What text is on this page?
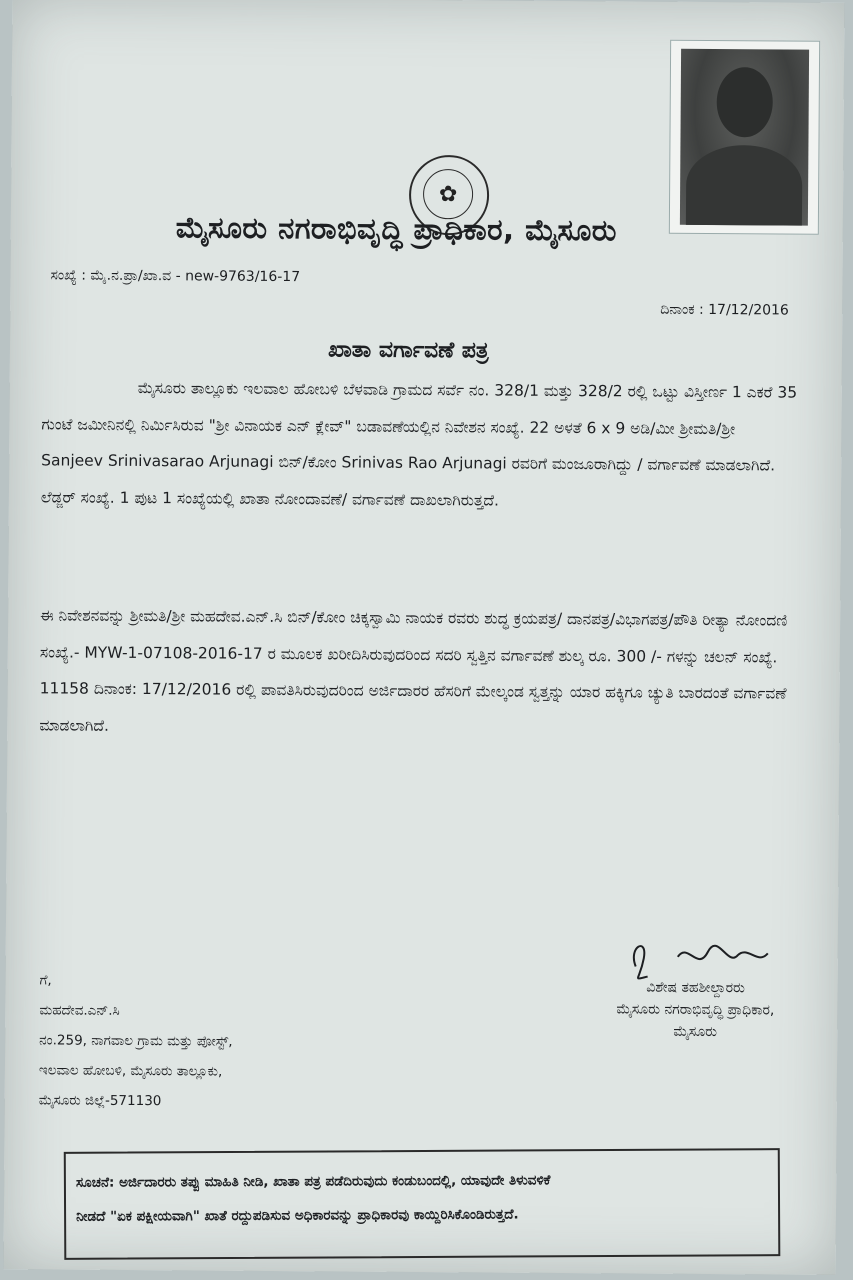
✿
ಮೈಸೂರು ನಗರಾಭಿವೃದ್ಧಿ ಪ್ರಾಧಿಕಾರ, ಮೈಸೂರು
ಸಂಖ್ಯೆ : ಮೈ.ನ.ಪ್ರಾ/ಖಾ.ವ - new-9763/16-17
ದಿನಾಂಕ : 17/12/2016
ಖಾತಾ ವರ್ಗಾವಣೆ ಪತ್ರ
ಮೈಸೂರು ತಾಲ್ಲೂಕು ಇಲವಾಲ ಹೋಬಳಿ ಬೆಳವಾಡಿ ಗ್ರಾಮದ ಸರ್ವೆ ನಂ. 328/1 ಮತ್ತು 328/2 ರಲ್ಲಿ ಒಟ್ಟು ವಿಸ್ತೀರ್ಣ 1 ಎಕರೆ 35 ಗುಂಟೆ ಜಮೀನಿನಲ್ಲಿ ನಿರ್ಮಿಸಿರುವ "ಶ್ರೀ ವಿನಾಯಕ ಎನ್ ಕ್ಲೇವ್" ಬಡಾವಣೆಯಲ್ಲಿನ ನಿವೇಶನ ಸಂಖ್ಯೆ. 22 ಅಳತೆ 6 x 9 ಅಡಿ/ಮೀ ಶ್ರೀಮತಿ/ಶ್ರೀ Sanjeev Srinivasarao Arjunagi ಬಿನ್/ಕೋಂ Srinivas Rao Arjunagi ರವರಿಗೆ ಮಂಜೂರಾಗಿದ್ದು / ವರ್ಗಾವಣೆ ಮಾಡಲಾಗಿದೆ. ಲೆಡ್ಜರ್ ಸಂಖ್ಯೆ. 1 ಪುಟ 1 ಸಂಖ್ಯೆಯಲ್ಲಿ ಖಾತಾ ನೋಂದಾವಣೆ/ ವರ್ಗಾವಣೆ ದಾಖಲಾಗಿರುತ್ತದೆ.
ಈ ನಿವೇಶನವನ್ನು ಶ್ರೀಮತಿ/ಶ್ರೀ ಮಹದೇವ.ಎನ್.ಸಿ ಬಿನ್/ಕೋಂ ಚಿಕ್ಕಸ್ವಾಮಿ ನಾಯಕ ರವರು ಶುದ್ಧ ಕ್ರಯಪತ್ರ/ ದಾನಪತ್ರ/ವಿಭಾಗಪತ್ರ/ಪೌತಿ ರೀತ್ಯಾ ನೋಂದಣಿ ಸಂಖ್ಯೆ.- MYW-1-07108-2016-17 ರ ಮೂಲಕ ಖರೀದಿಸಿರುವುದರಿಂದ ಸದರಿ ಸ್ವತ್ತಿನ ವರ್ಗಾವಣೆ ಶುಲ್ಕ ರೂ. 300 /- ಗಳನ್ನು ಚಲನ್ ಸಂಖ್ಯೆ. 11158 ದಿನಾಂಕ: 17/12/2016 ರಲ್ಲಿ ಪಾವತಿಸಿರುವುದರಿಂದ ಅರ್ಜಿದಾರರ ಹೆಸರಿಗೆ ಮೇಲ್ಕಂಡ ಸ್ವತ್ತನ್ನು ಯಾರ ಹಕ್ಕಿಗೂ ಚ್ಯುತಿ ಬಾರದಂತೆ ವರ್ಗಾವಣೆ ಮಾಡಲಾಗಿದೆ.
ವಿಶೇಷ ತಹಶೀಲ್ದಾರರು
ಮೈಸೂರು ನಗರಾಭಿವೃದ್ಧಿ ಪ್ರಾಧಿಕಾರ,
ಮೈಸೂರು
ಗೆ,
ಮಹದೇವ.ಎನ್.ಸಿ
ನಂ.259, ನಾಗವಾಲ ಗ್ರಾಮ ಮತ್ತು ಪೋಸ್ಟ್,
ಇಲವಾಲ ಹೋಬಳಿ, ಮೈಸೂರು ತಾಲ್ಲೂಕು,
ಮೈಸೂರು ಜಿಲ್ಲೆ-571130
ಸೂಚನೆ: ಅರ್ಜಿದಾರರು ತಪ್ಪು ಮಾಹಿತಿ ನೀಡಿ, ಖಾತಾ ಪತ್ರ ಪಡೆದಿರುವುದು ಕಂಡುಬಂದಲ್ಲಿ, ಯಾವುದೇ ತಿಳುವಳಿಕೆ
ನೀಡದೆ "ಏಕ ಪಕ್ಷೀಯವಾಗಿ" ಖಾತೆ ರದ್ದುಪಡಿಸುವ ಅಧಿಕಾರವನ್ನು ಪ್ರಾಧಿಕಾರವು ಕಾಯ್ದಿರಿಸಿಕೊಂಡಿರುತ್ತದೆ.
